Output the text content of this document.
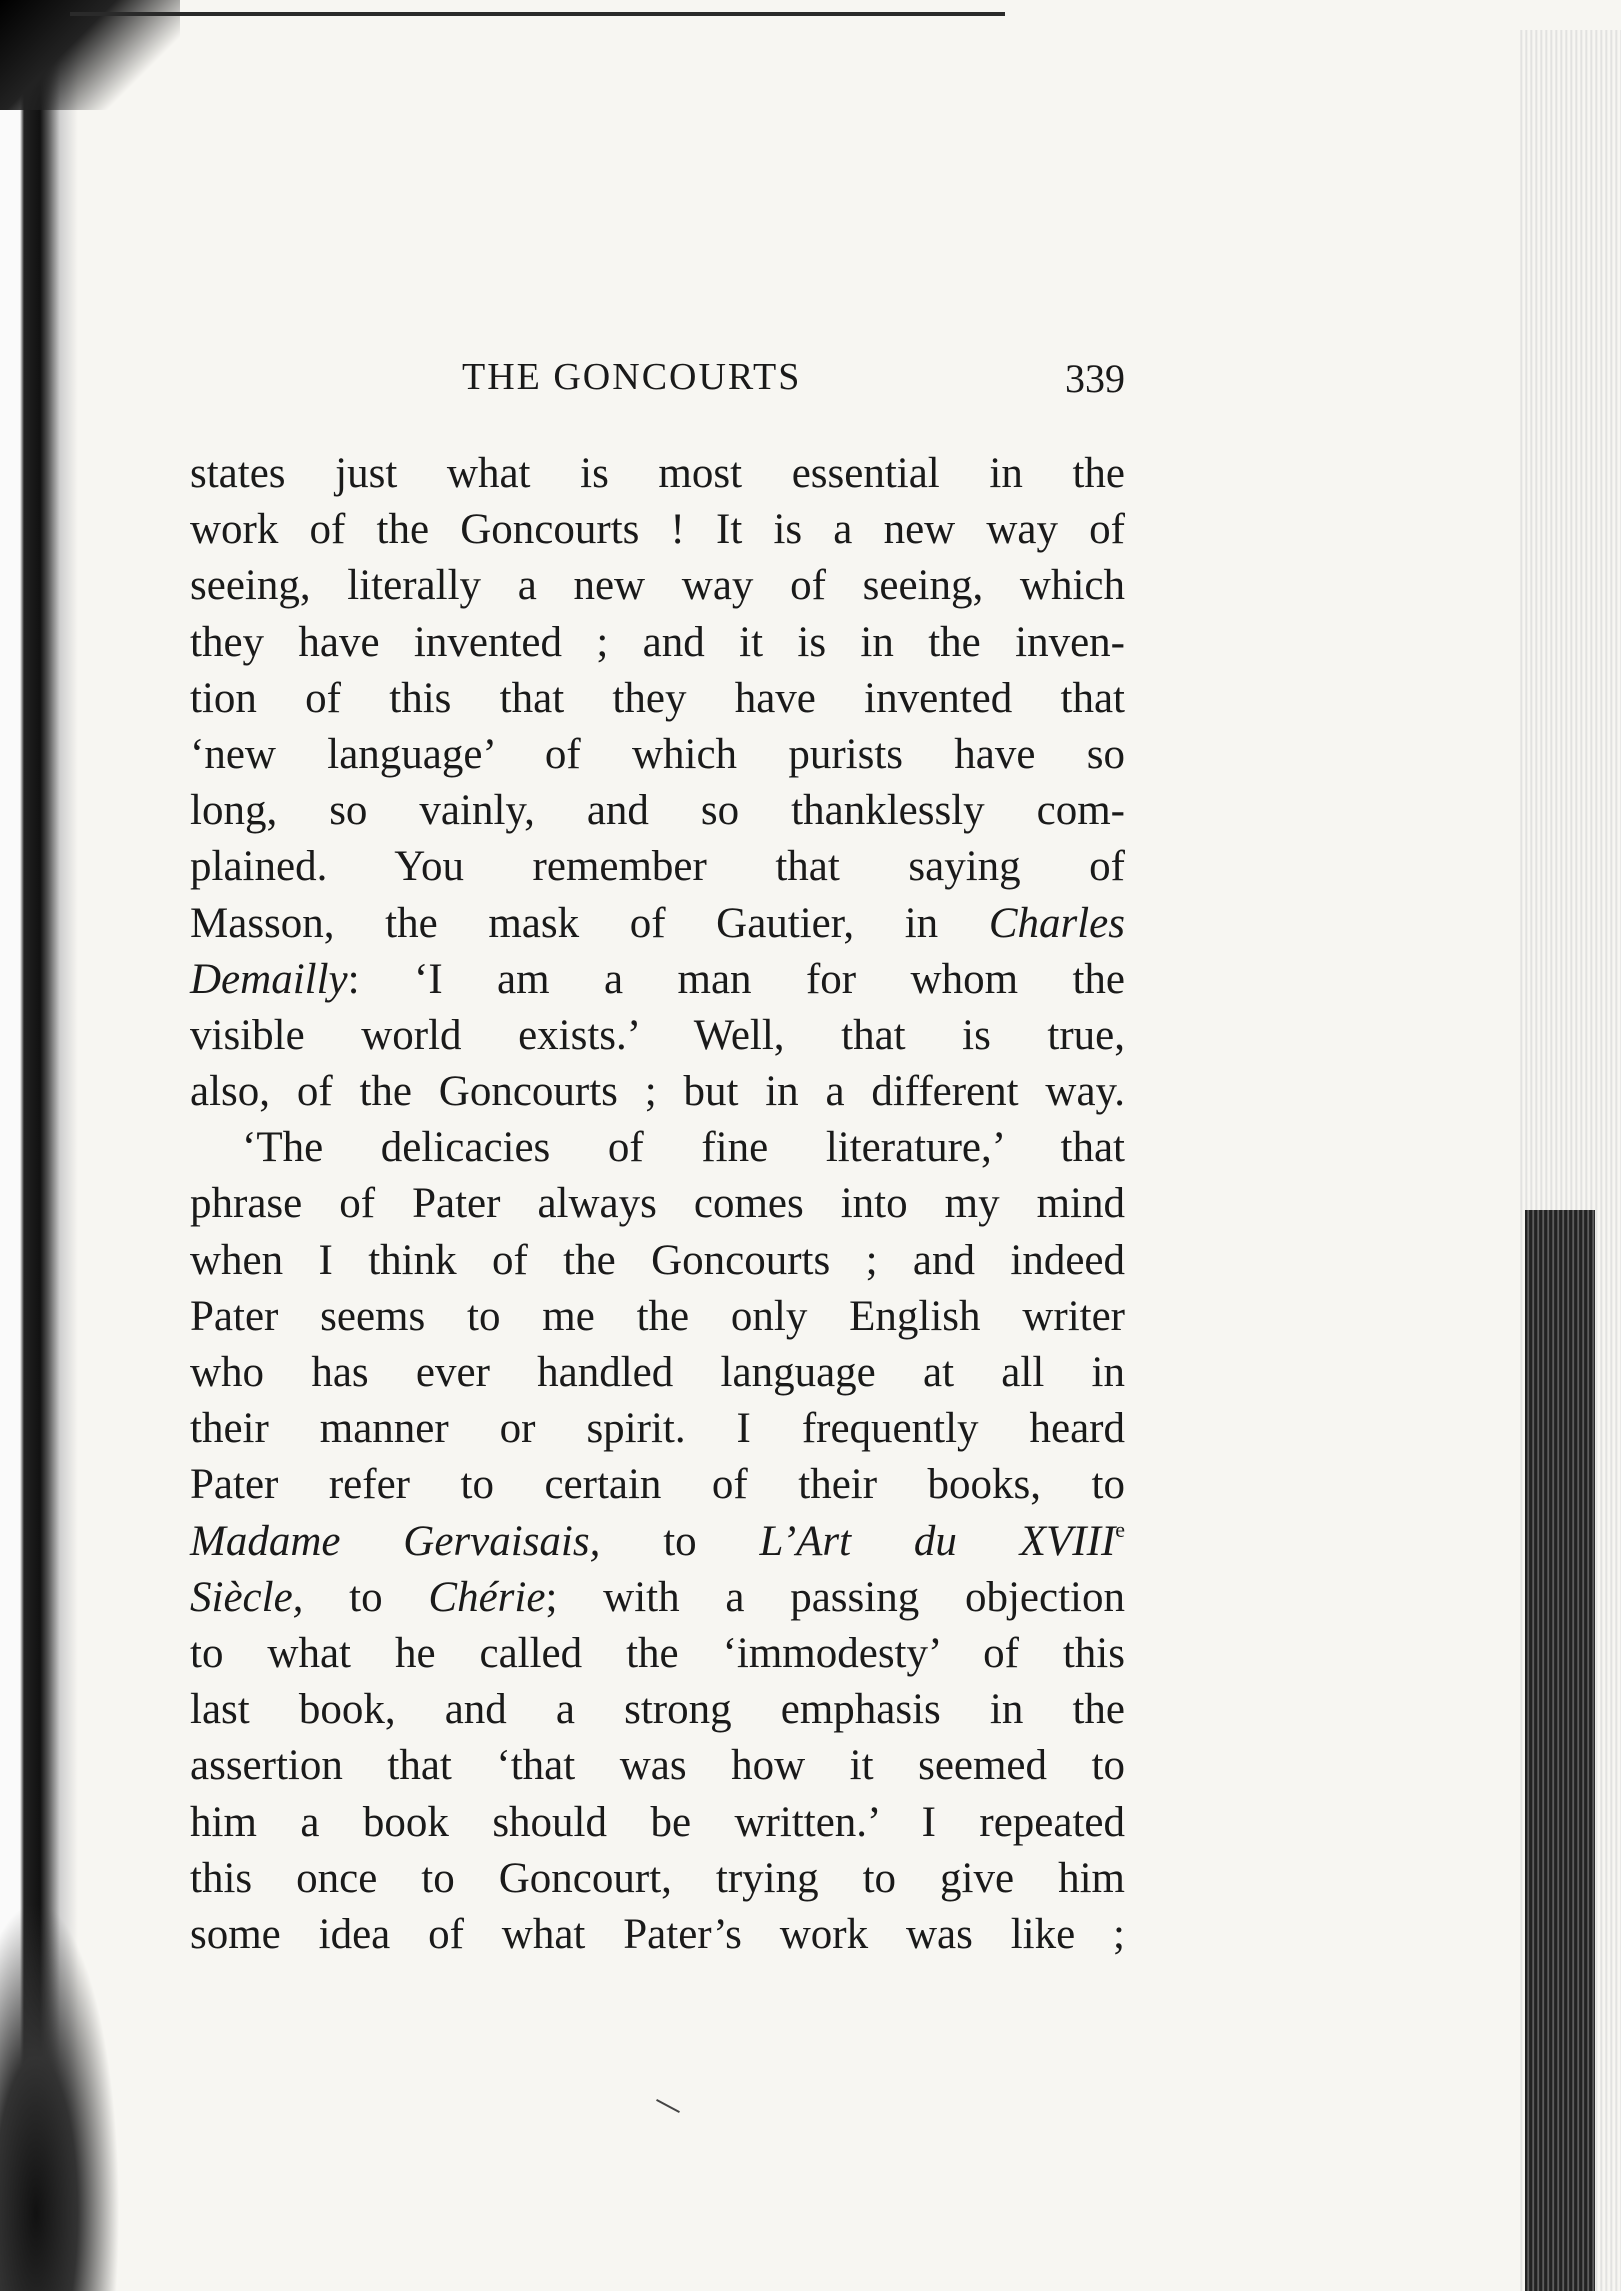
THE GONCOURTS	339
states just what is most essential in the
work of the Goncourts ! It is a new way of
seeing, literally a new way of seeing, which
they have invented ; and it is in the inven-
tion of this that they have invented that
‘new language’ of which purists have so
long, so vainly, and so thanklessly com-
plained. You remember that saying of
Masson, the mask of Gautier, in Charles
Demailly: ‘I am a man for whom the
visible world exists.’ Well, that is true,
also, of the Goncourts ; but in a different way.
‘The delicacies of fine literature,’ that
phrase of Pater always comes into my mind
when I think of the Goncourts ; and indeed
Pater seems to me the only English writer
who has ever handled language at all in
their manner or spirit. I frequently heard
Pater refer to certain of their books, to
Madame Gervaisais, to L’Art du XVIIIe
Siècle, to Chérie; with a passing objection
to what he called the ‘immodesty’ of this
last book, and a strong emphasis in the
assertion that ‘that was how it seemed to
him a book should be written.’ I repeated
this once to Goncourt, trying to give him
some idea of what Pater’s work was like ;
